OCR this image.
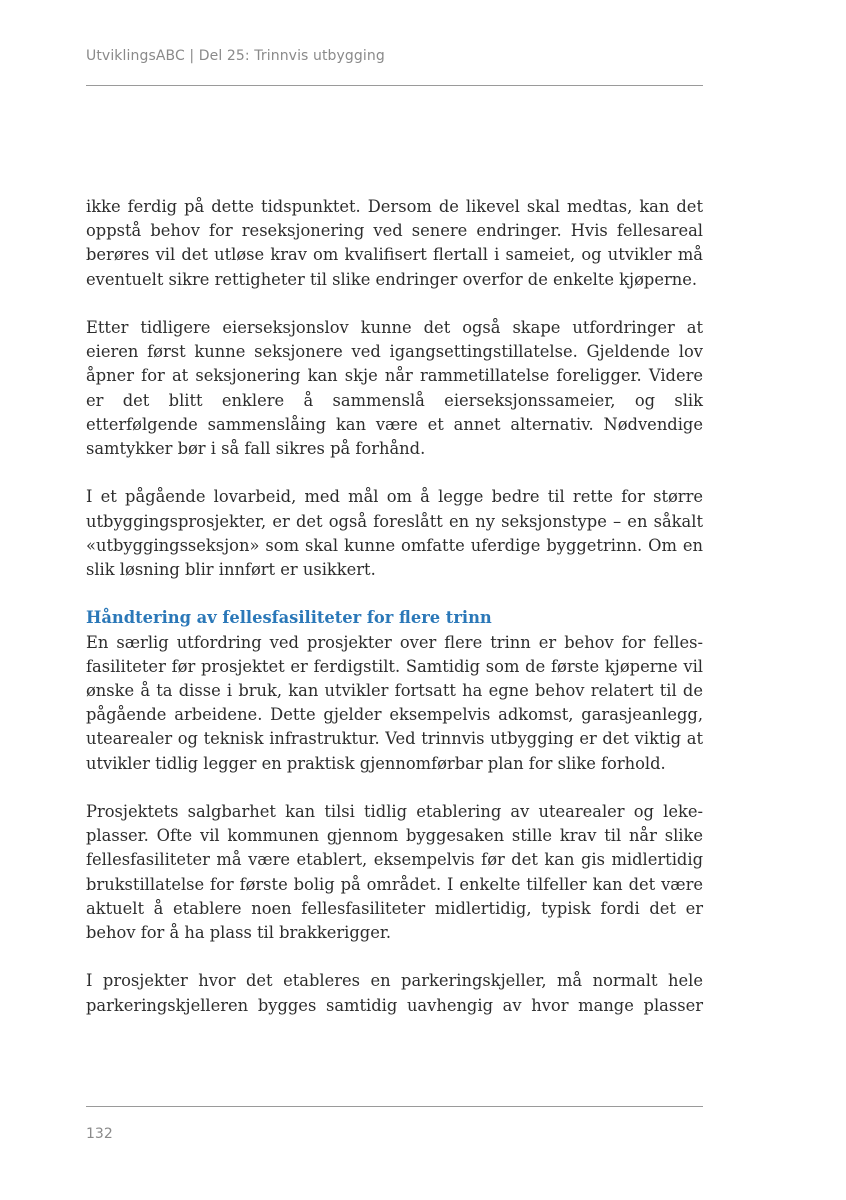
UtviklingsABC | Del 25: Trinnvis utbygging

ikke ferdig på dette tidspunktet. Dersom de likevel skal medtas, kan det oppstå behov for reseksjonering ved senere endringer. Hvis fellesareal berøres vil det utløse krav om kvalifisert flertall i sameiet, og utvikler må eventuelt sikre rettigheter til slike endringer overfor de enkelte kjøperne.

Etter tidligere eierseksjonslov kunne det også skape utfordringer at eieren først kunne seksjonere ved igangsettingstillatelse. Gjeldende lov åpner for at seksjonering kan skje når rammetillatelse foreligger. Videre er det blitt enklere å sammenslå eierseksjonssameier, og slik etterfølgende sammenslåing kan være et annet alternativ. Nødvendige samtykker bør i så fall sikres på forhånd.

I et pågående lovarbeid, med mål om å legge bedre til rette for større utbyggingsprosjekter, er det også foreslått en ny seksjonstype – en såkalt «utbyggingsseksjon» som skal kunne omfatte uferdige byggetrinn. Om en slik løsning blir innført er usikkert.

Håndtering av fellesfasiliteter for flere trinn

En særlig utfordring ved prosjekter over flere trinn er behov for fellesfasiliteter før prosjektet er ferdigstilt. Samtidig som de første kjøperne vil ønske å ta disse i bruk, kan utvikler fortsatt ha egne behov relatert til de pågående arbeidene. Dette gjelder eksempelvis adkomst, garasjeanlegg, utearealer og teknisk infrastruktur. Ved trinnvis utbygging er det viktig at utvikler tidlig legger en praktisk gjennomførbar plan for slike forhold.

Prosjektets salgbarhet kan tilsi tidlig etablering av utearealer og lekeplasser. Ofte vil kommunen gjennom byggesaken stille krav til når slike fellesfasiliteter må være etablert, eksempelvis før det kan gis midlertidig brukstillatelse for første bolig på området. I enkelte tilfeller kan det være aktuelt å etablere noen fellesfasiliteter midlertidig, typisk fordi det er behov for å ha plass til brakkerigger.

I prosjekter hvor det etableres en parkeringskjeller, må normalt hele parkeringskjelleren bygges samtidig uavhengig av hvor mange plasser

132
